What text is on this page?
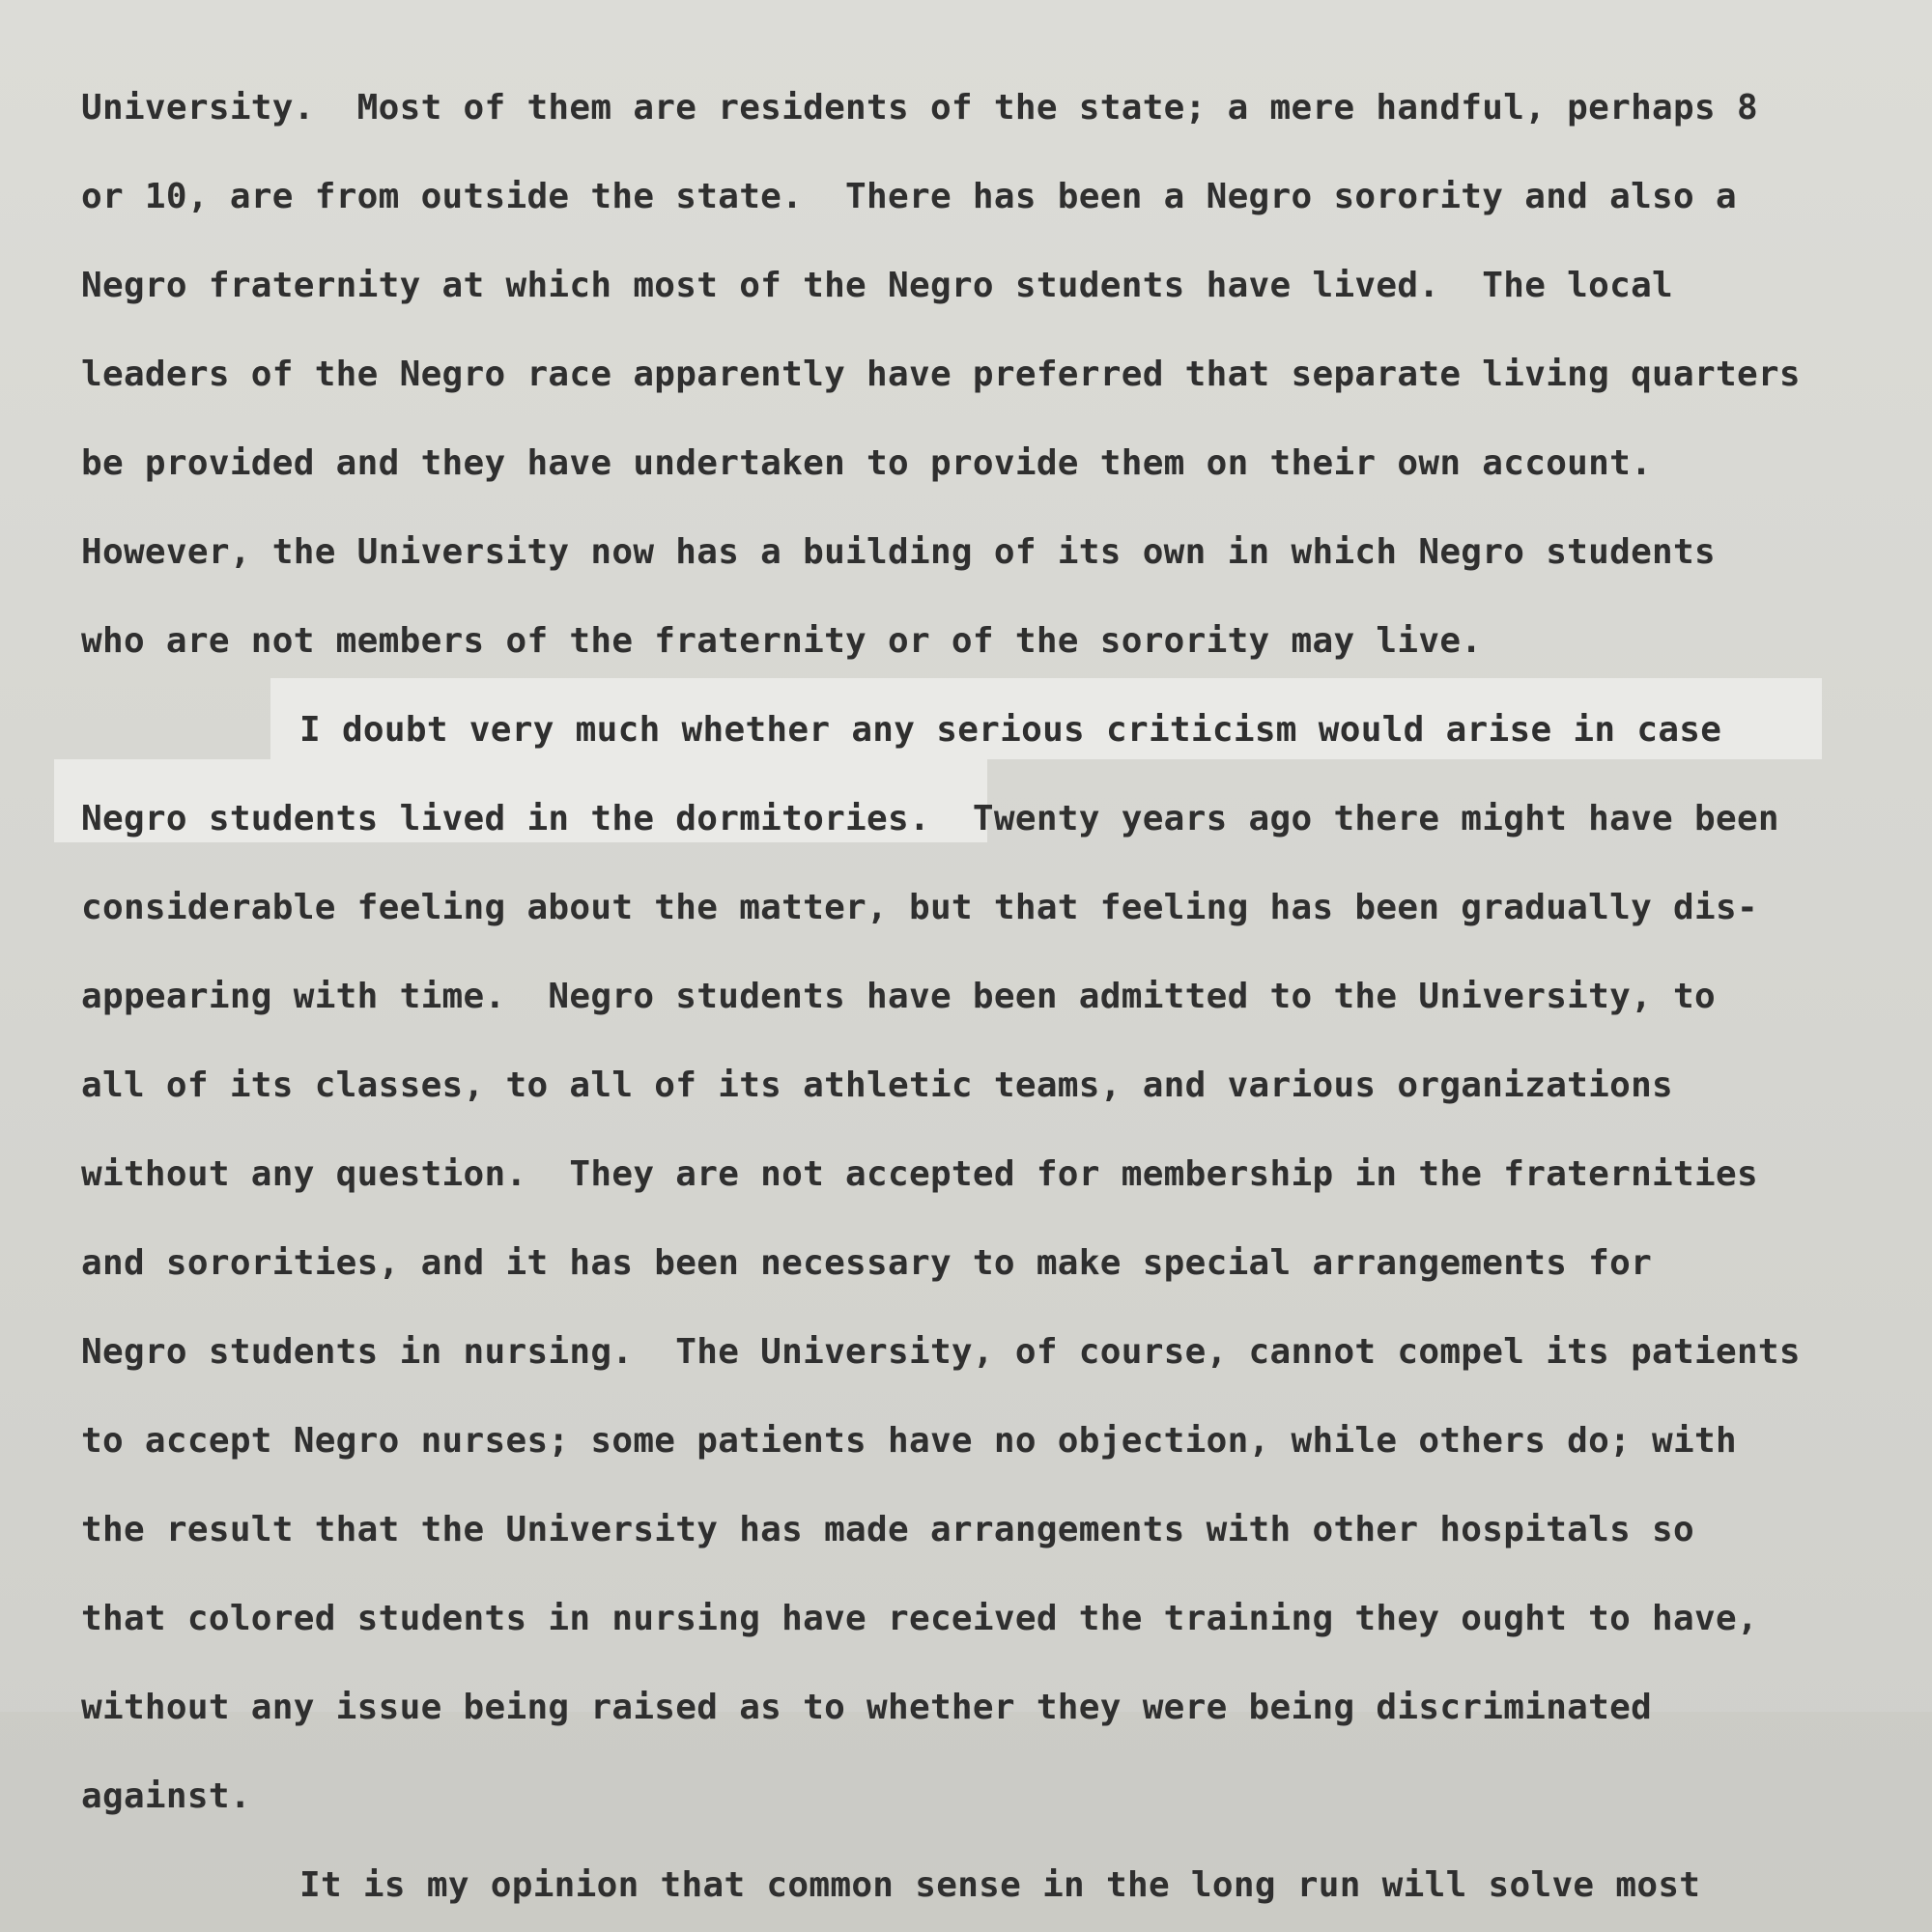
University.  Most of them are residents of the state; a mere handful, perhaps 8
or 10, are from outside the state.  There has been a Negro sorority and also a
Negro fraternity at which most of the Negro students have lived.  The local
leaders of the Negro race apparently have preferred that separate living quarters
be provided and they have undertaken to provide them on their own account.
However, the University now has a building of its own in which Negro students
who are not members of the fraternity or of the sorority may live.
I doubt very much whether any serious criticism would arise in case
Negro students lived in the dormitories.  Twenty years ago there might have been
considerable feeling about the matter, but that feeling has been gradually dis-
appearing with time.  Negro students have been admitted to the University, to
all of its classes, to all of its athletic teams, and various organizations
without any question.  They are not accepted for membership in the fraternities
and sororities, and it has been necessary to make special arrangements for
Negro students in nursing.  The University, of course, cannot compel its patients
to accept Negro nurses; some patients have no objection, while others do; with
the result that the University has made arrangements with other hospitals so
that colored students in nursing have received the training they ought to have,
without any issue being raised as to whether they were being discriminated
against.
It is my opinion that common sense in the long run will solve most
